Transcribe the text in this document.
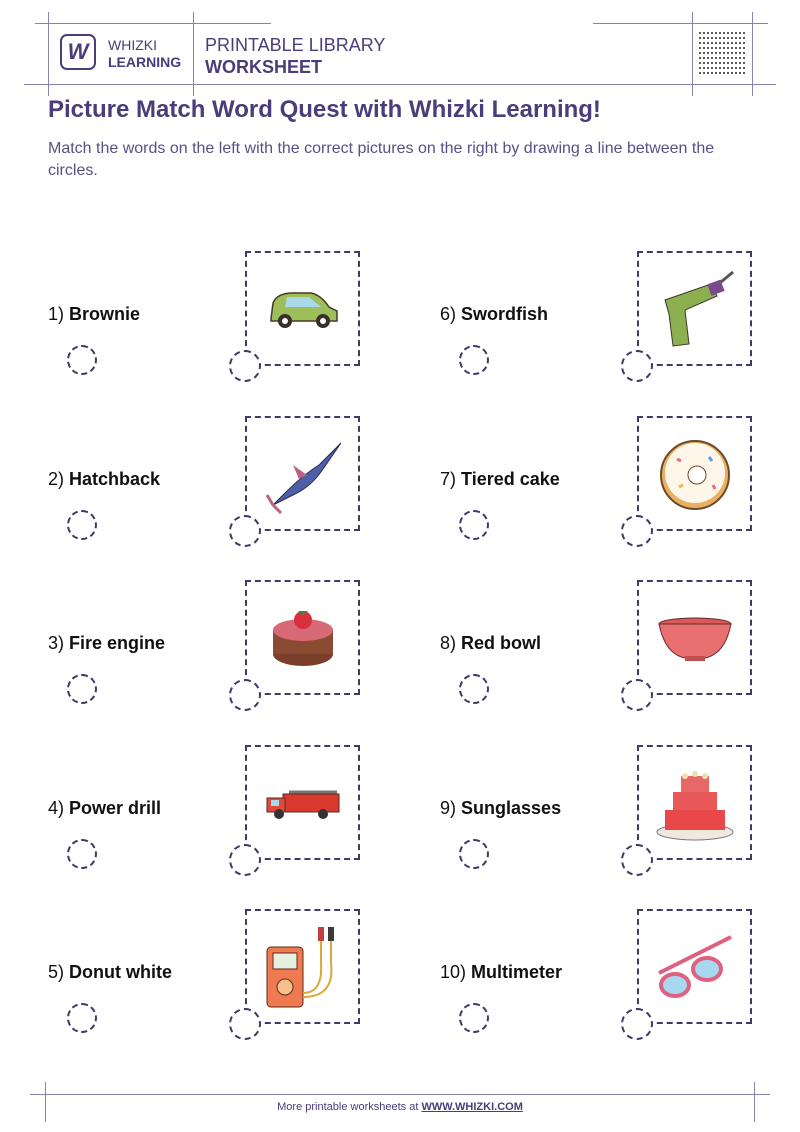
W	WHIZKI
LEARNING
PRINTABLE LIBRARY
WORKSHEET
Picture Match Word Quest with Whizki Learning!
Match the words on the left with the correct pictures on the right by drawing a line between the circles.
1) Brownie
2) Hatchback
3) Fire engine
4) Power drill
5) Donut white
6) Swordfish
7) Tiered cake
8) Red bowl
9) Sunglasses
10) Multimeter
More printable worksheets at WWW.WHIZKI.COM
